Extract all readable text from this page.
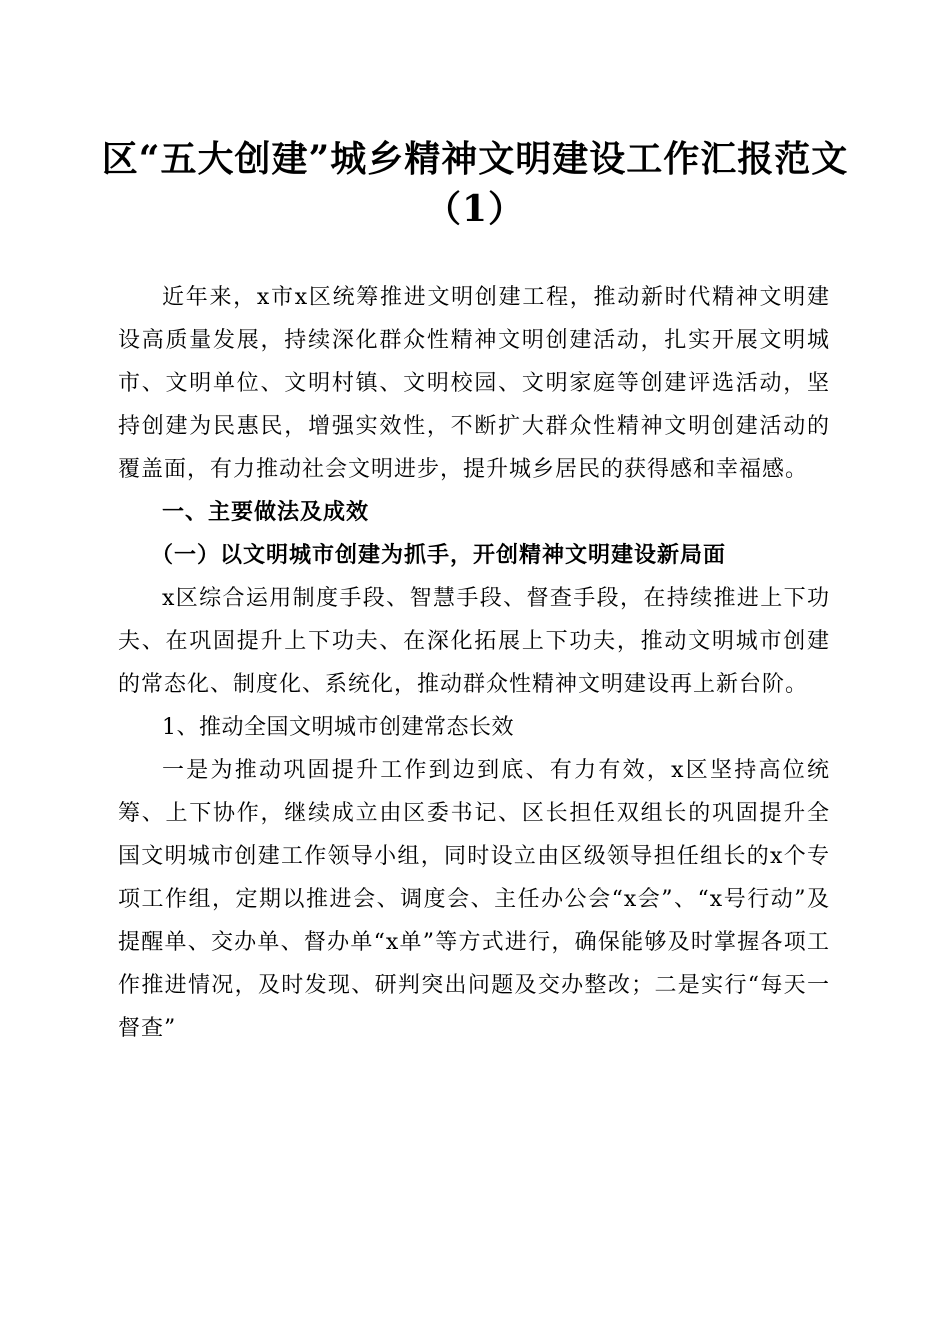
区“五大创建”城乡精神文明建设工作汇报范文（1）

近年来，x市x区统筹推进文明创建工程，推动新时代精神文明建设高质量发展，持续深化群众性精神文明创建活动，扎实开展文明城市、文明单位、文明村镇、文明校园、文明家庭等创建评选活动，坚持创建为民惠民，增强实效性，不断扩大群众性精神文明创建活动的覆盖面，有力推动社会文明进步，提升城乡居民的获得感和幸福感。

一、主要做法及成效

（一）以文明城市创建为抓手，开创精神文明建设新局面

x区综合运用制度手段、智慧手段、督查手段，在持续推进上下功夫、在巩固提升上下功夫、在深化拓展上下功夫，推动文明城市创建的常态化、制度化、系统化，推动群众性精神文明建设再上新台阶。

1、推动全国文明城市创建常态长效

一是为推动巩固提升工作到边到底、有力有效，x区坚持高位统筹、上下协作，继续成立由区委书记、区长担任双组长的巩固提升全国文明城市创建工作领导小组，同时设立由区级领导担任组长的x个专项工作组，定期以推进会、调度会、主任办公会“x会”、“x号行动”及提醒单、交办单、督办单“x单”等方式进行，确保能够及时掌握各项工作推进情况，及时发现、研判突出问题及交办整改；二是实行“每天一督查”
